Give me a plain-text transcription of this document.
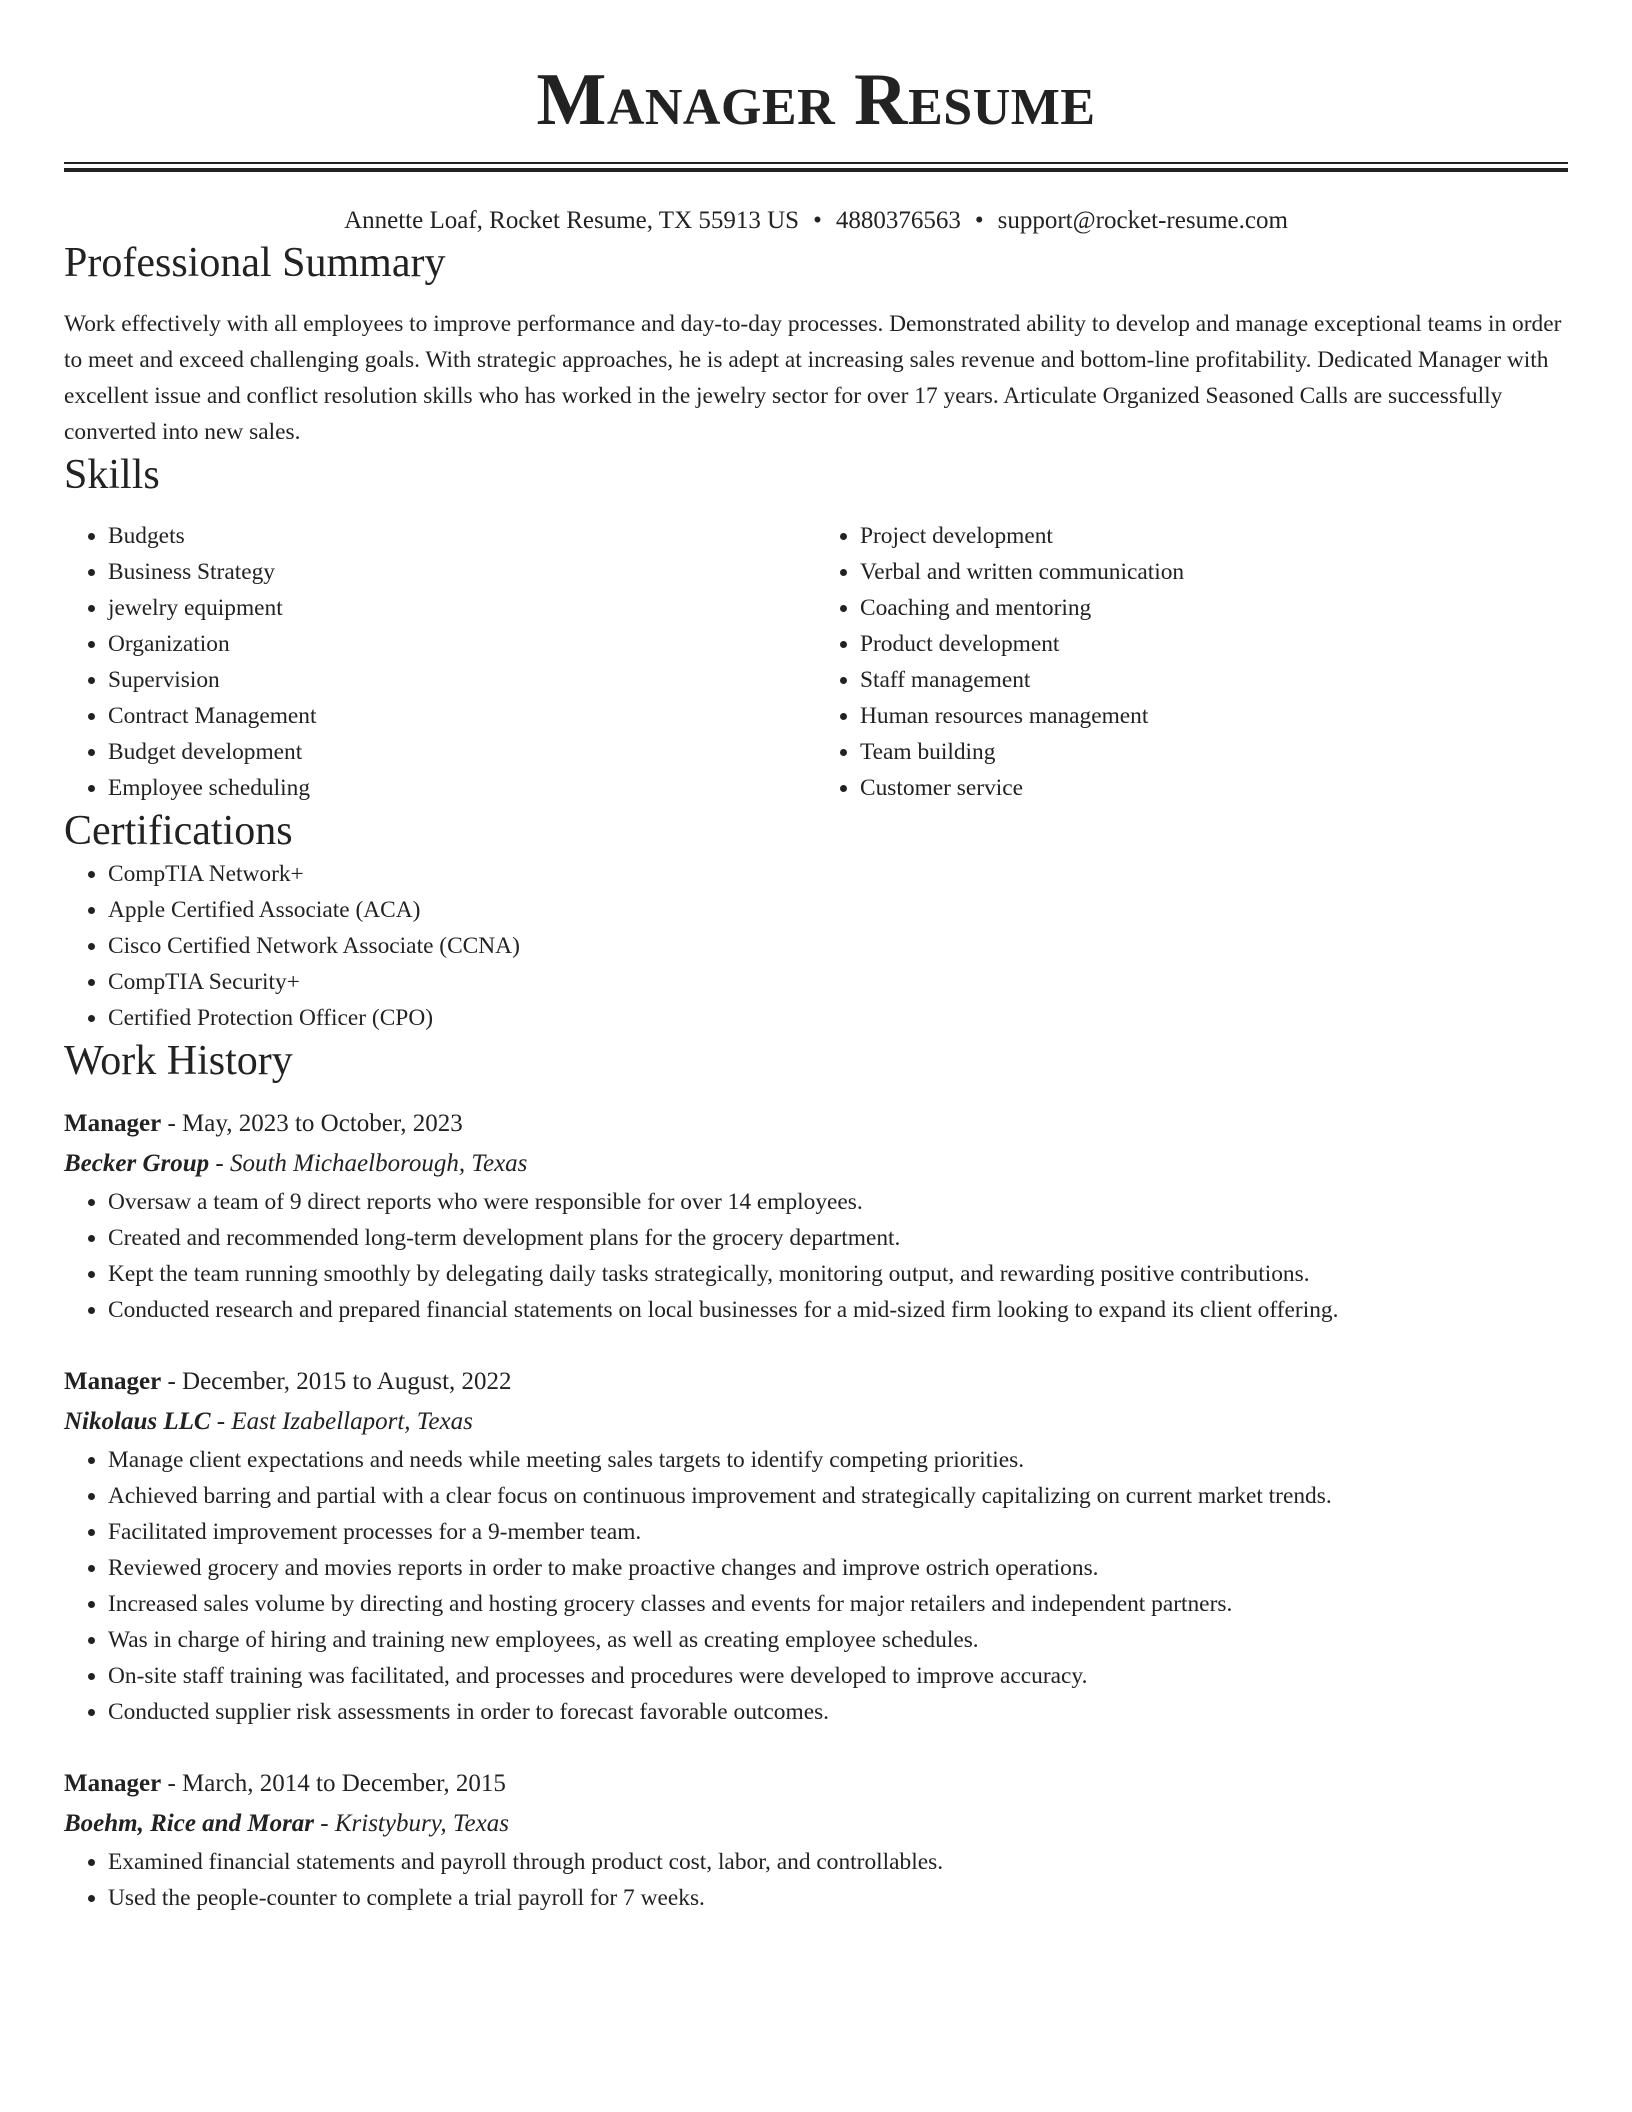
Manager Resume
Annette Loaf, Rocket Resume, TX 55913 US • 4880376563 • support@rocket-resume.com
Professional Summary

Work effectively with all employees to improve performance and day-to-day processes. Demonstrated ability to develop and manage exceptional teams in order to meet and exceed challenging goals. With strategic approaches, he is adept at increasing sales revenue and bottom-line profitability. Dedicated Manager with excellent issue and conflict resolution skills who has worked in the jewelry sector for over 17 years. Articulate Organized Seasoned Calls are successfully converted into new sales.

Skills
• Budgets
• Business Strategy
• jewelry equipment
• Organization
• Supervision
• Contract Management
• Budget development
• Employee scheduling
• Project development
• Verbal and written communication
• Coaching and mentoring
• Product development
• Staff management
• Human resources management
• Team building
• Customer service
Certifications
• CompTIA Network+
• Apple Certified Associate (ACA)
• Cisco Certified Network Associate (CCNA)
• CompTIA Security+
• Certified Protection Officer (CPO)
Work History
Manager - May, 2023 to October, 2023
Becker Group - South Michaelborough, Texas
• Oversaw a team of 9 direct reports who were responsible for over 14 employees.
• Created and recommended long-term development plans for the grocery department.
• Kept the team running smoothly by delegating daily tasks strategically, monitoring output, and rewarding positive contributions.
• Conducted research and prepared financial statements on local businesses for a mid-sized firm looking to expand its client offering.
Manager - December, 2015 to August, 2022
Nikolaus LLC - East Izabellaport, Texas
• Manage client expectations and needs while meeting sales targets to identify competing priorities.
• Achieved barring and partial with a clear focus on continuous improvement and strategically capitalizing on current market trends.
• Facilitated improvement processes for a 9-member team.
• Reviewed grocery and movies reports in order to make proactive changes and improve ostrich operations.
• Increased sales volume by directing and hosting grocery classes and events for major retailers and independent partners.
• Was in charge of hiring and training new employees, as well as creating employee schedules.
• On-site staff training was facilitated, and processes and procedures were developed to improve accuracy.
• Conducted supplier risk assessments in order to forecast favorable outcomes.
Manager - March, 2014 to December, 2015
Boehm, Rice and Morar - Kristybury, Texas
• Examined financial statements and payroll through product cost, labor, and controllables.
• Used the people-counter to complete a trial payroll for 7 weeks.
